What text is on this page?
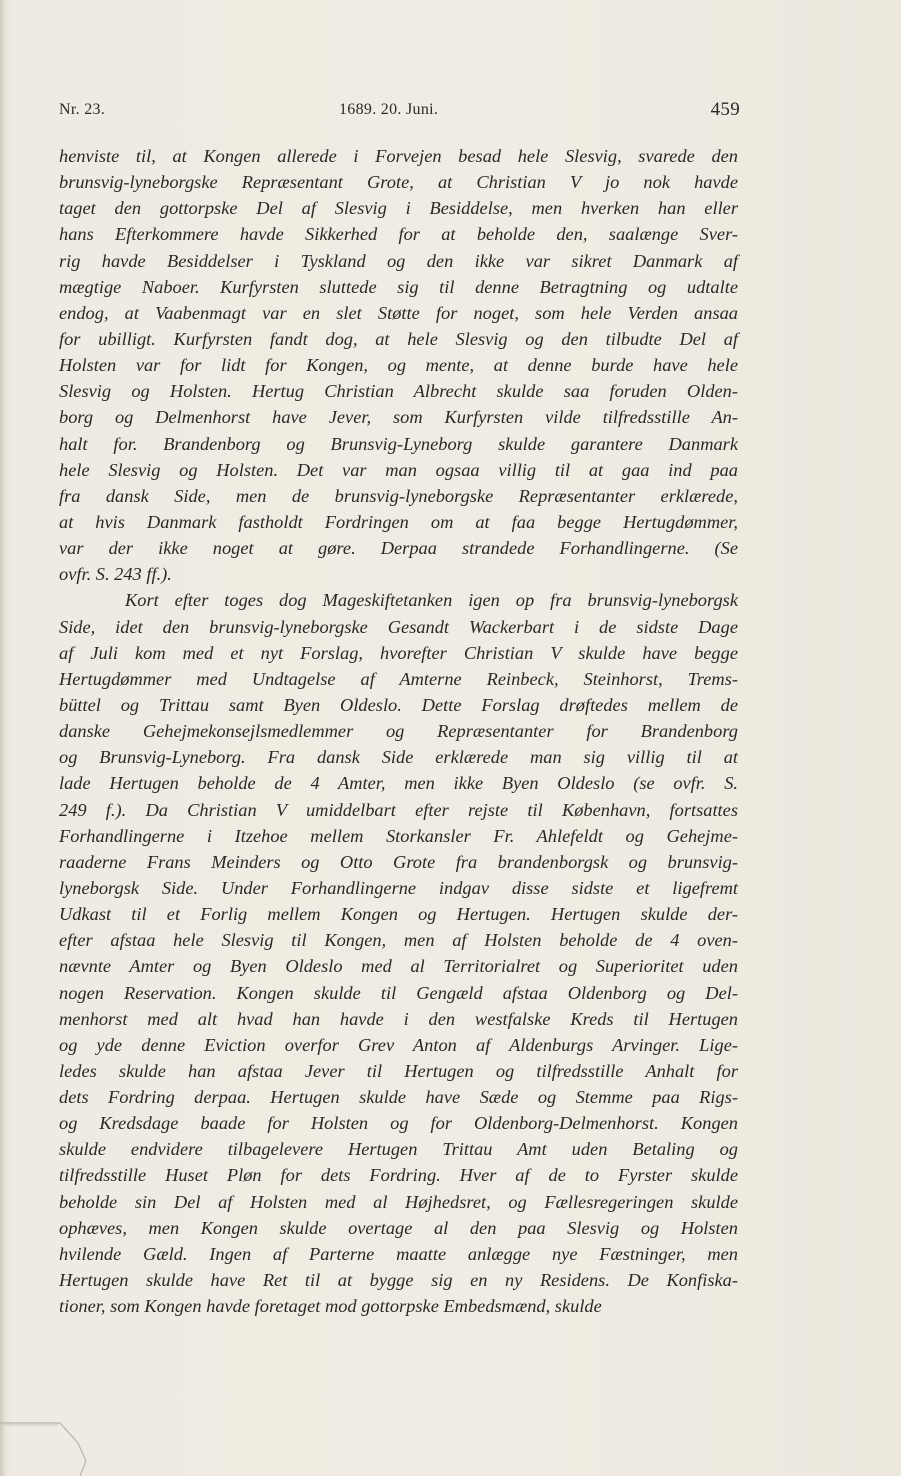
Nr. 23.	1689. 20. Juni.	459
henviste til, at Kongen allerede i Forvejen besad hele Slesvig, svarede den
brunsvig-lyneborgske Repræsentant Grote, at Christian V jo nok havde
taget den gottorpske Del af Slesvig i Besiddelse, men hverken han eller
hans Efterkommere havde Sikkerhed for at beholde den, saalænge Sver-
rig havde Besiddelser i Tyskland og den ikke var sikret Danmark af
mægtige Naboer. Kurfyrsten sluttede sig til denne Betragtning og udtalte
endog, at Vaabenmagt var en slet Støtte for noget, som hele Verden ansaa
for ubilligt. Kurfyrsten fandt dog, at hele Slesvig og den tilbudte Del af
Holsten var for lidt for Kongen, og mente, at denne burde have hele
Slesvig og Holsten. Hertug Christian Albrecht skulde saa foruden Olden-
borg og Delmenhorst have Jever, som Kurfyrsten vilde tilfredsstille An-
halt for. Brandenborg og Brunsvig-Lyneborg skulde garantere Danmark
hele Slesvig og Holsten. Det var man ogsaa villig til at gaa ind paa
fra dansk Side, men de brunsvig-lyneborgske Repræsentanter erklærede,
at hvis Danmark fastholdt Fordringen om at faa begge Hertugdømmer,
var der ikke noget at gøre. Derpaa strandede Forhandlingerne. (Se
ovfr. S. 243 ff.).
Kort efter toges dog Mageskiftetanken igen op fra brunsvig-lyneborgsk
Side, idet den brunsvig-lyneborgske Gesandt Wackerbart i de sidste Dage
af Juli kom med et nyt Forslag, hvorefter Christian V skulde have begge
Hertugdømmer med Undtagelse af Amterne Reinbeck, Steinhorst, Trems-
büttel og Trittau samt Byen Oldeslo. Dette Forslag drøftedes mellem de
danske Gehejmekonsejlsmedlemmer og Repræsentanter for Brandenborg
og Brunsvig-Lyneborg. Fra dansk Side erklærede man sig villig til at
lade Hertugen beholde de 4 Amter, men ikke Byen Oldeslo (se ovfr. S.
249 f.). Da Christian V umiddelbart efter rejste til København, fortsattes
Forhandlingerne i Itzehoe mellem Storkansler Fr. Ahlefeldt og Gehejme-
raaderne Frans Meinders og Otto Grote fra brandenborgsk og brunsvig-
lyneborgsk Side. Under Forhandlingerne indgav disse sidste et ligefremt
Udkast til et Forlig mellem Kongen og Hertugen. Hertugen skulde der-
efter afstaa hele Slesvig til Kongen, men af Holsten beholde de 4 oven-
nævnte Amter og Byen Oldeslo med al Territorialret og Superioritet uden
nogen Reservation. Kongen skulde til Gengæld afstaa Oldenborg og Del-
menhorst med alt hvad han havde i den westfalske Kreds til Hertugen
og yde denne Eviction overfor Grev Anton af Aldenburgs Arvinger. Lige-
ledes skulde han afstaa Jever til Hertugen og tilfredsstille Anhalt for
dets Fordring derpaa. Hertugen skulde have Sæde og Stemme paa Rigs-
og Kredsdage baade for Holsten og for Oldenborg-Delmenhorst. Kongen
skulde endvidere tilbagelevere Hertugen Trittau Amt uden Betaling og
tilfredsstille Huset Pløn for dets Fordring. Hver af de to Fyrster skulde
beholde sin Del af Holsten med al Højhedsret, og Fællesregeringen skulde
ophæves, men Kongen skulde overtage al den paa Slesvig og Holsten
hvilende Gæld. Ingen af Parterne maatte anlægge nye Fæstninger, men
Hertugen skulde have Ret til at bygge sig en ny Residens. De Konfiska-
tioner, som Kongen havde foretaget mod gottorpske Embedsmænd, skulde
